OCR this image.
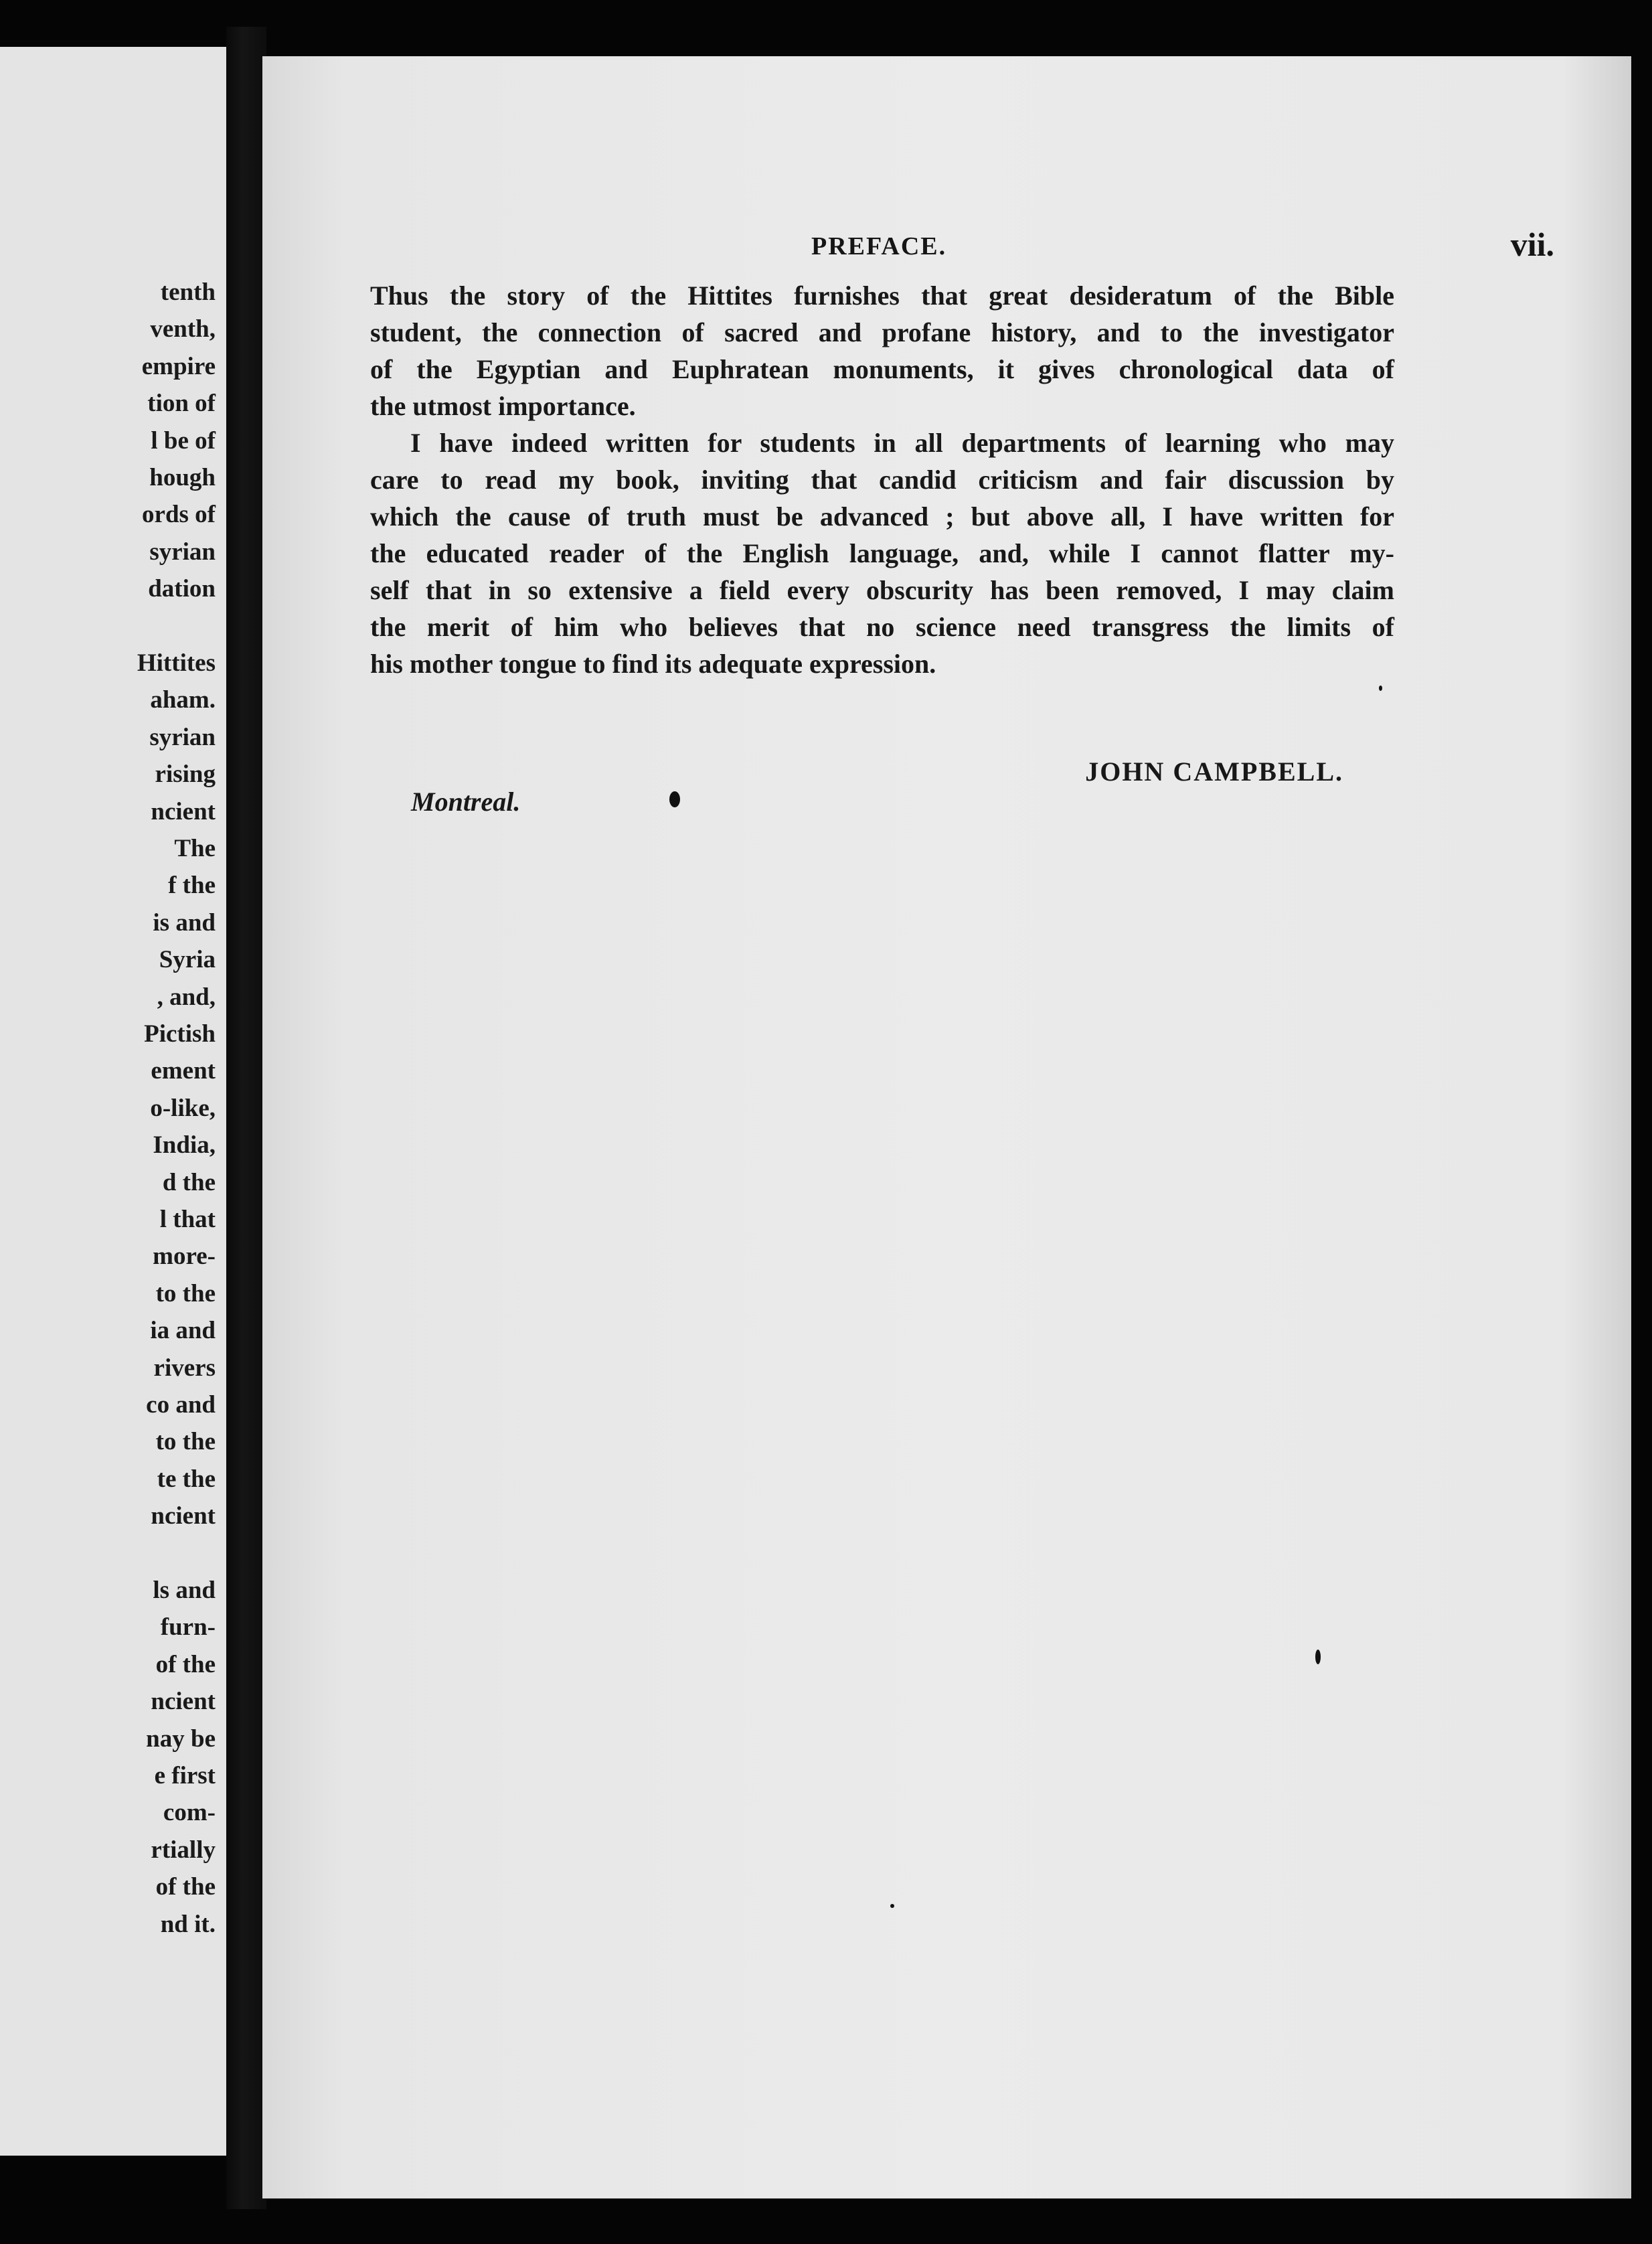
tenth
venth,
empire
tion of
l be of
hough
ords of
syrian
dation
Hittites
aham.
syrian
rising
ncient
The
f the
is and
Syria
, and,
Pictish
ement
o-like,
India,
d the
l that
more-
to the
ia and
rivers
co and
to the
te the
ncient
ls and
furn-
of the
ncient
nay be
e first
com-
rtially
of the
nd it.
PREFACE.	vii.
Thus the story of the Hittites furnishes that great desideratum of the Bible
student, the connection of sacred and profane history, and to the investigator
of the Egyptian and Euphratean monuments, it gives chronological data of
the utmost importance.
I have indeed written for students in all departments of learning who may
care to read my book, inviting that candid criticism and fair discussion by
which the cause of truth must be advanced ; but above all, I have written for
the educated reader of the English language, and, while I cannot flatter my-
self that in so extensive a field every obscurity has been removed, I may claim
the merit of him who believes that no science need transgress the limits of
his mother tongue to find its adequate expression.
JOHN CAMPBELL.
Montreal.
